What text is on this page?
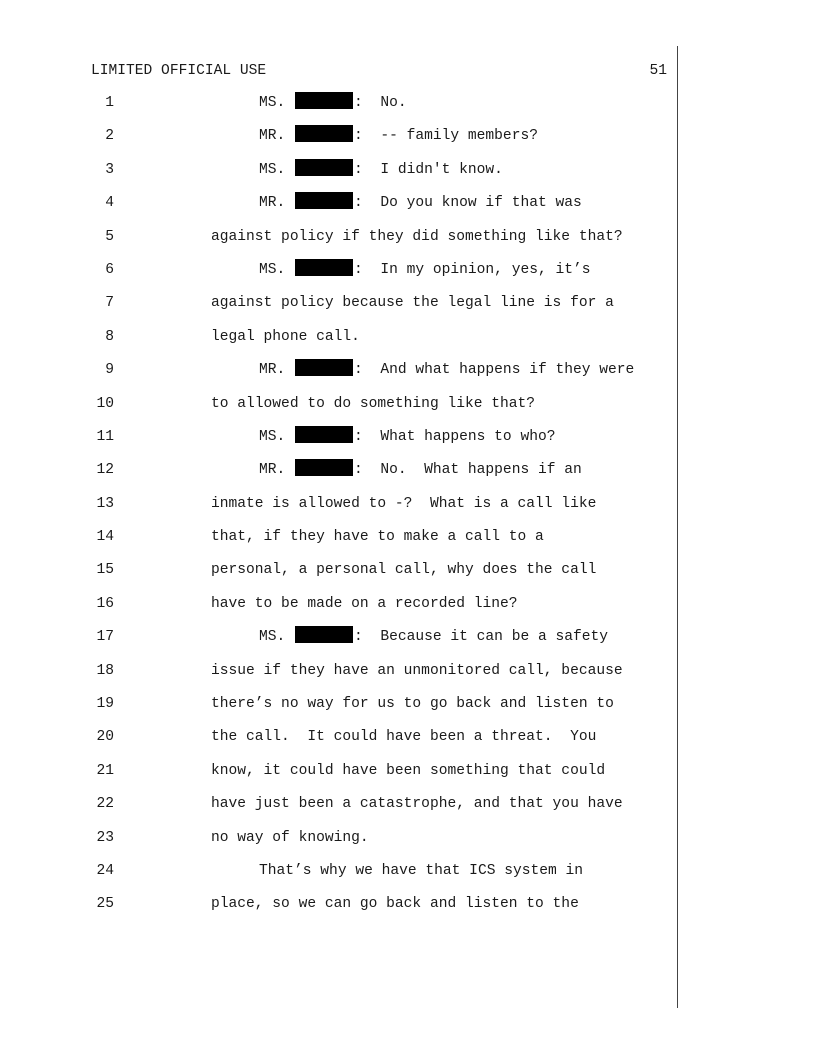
LIMITED OFFICIAL USE	51
1	MS.	:  No.
2	MR.	:  -- family members?
3	MS.	:  I didn't know.
4	MR.	:  Do you know if that was
5	against policy if they did something like that?
6	MS.	:  In my opinion, yes, it’s
7	against policy because the legal line is for a
8	legal phone call.
9	MR.	:  And what happens if they were
10	to allowed to do something like that?
11	MS.	:  What happens to who?
12	MR.	:  No.  What happens if an
13	inmate is allowed to -?  What is a call like
14	that, if they have to make a call to a
15	personal, a personal call, why does the call
16	have to be made on a recorded line?
17	MS.	:  Because it can be a safety
18	issue if they have an unmonitored call, because
19	there’s no way for us to go back and listen to
20	the call.  It could have been a threat.  You
21	know, it could have been something that could
22	have just been a catastrophe, and that you have
23	no way of knowing.
24	That’s why we have that ICS system in
25	place, so we can go back and listen to the
